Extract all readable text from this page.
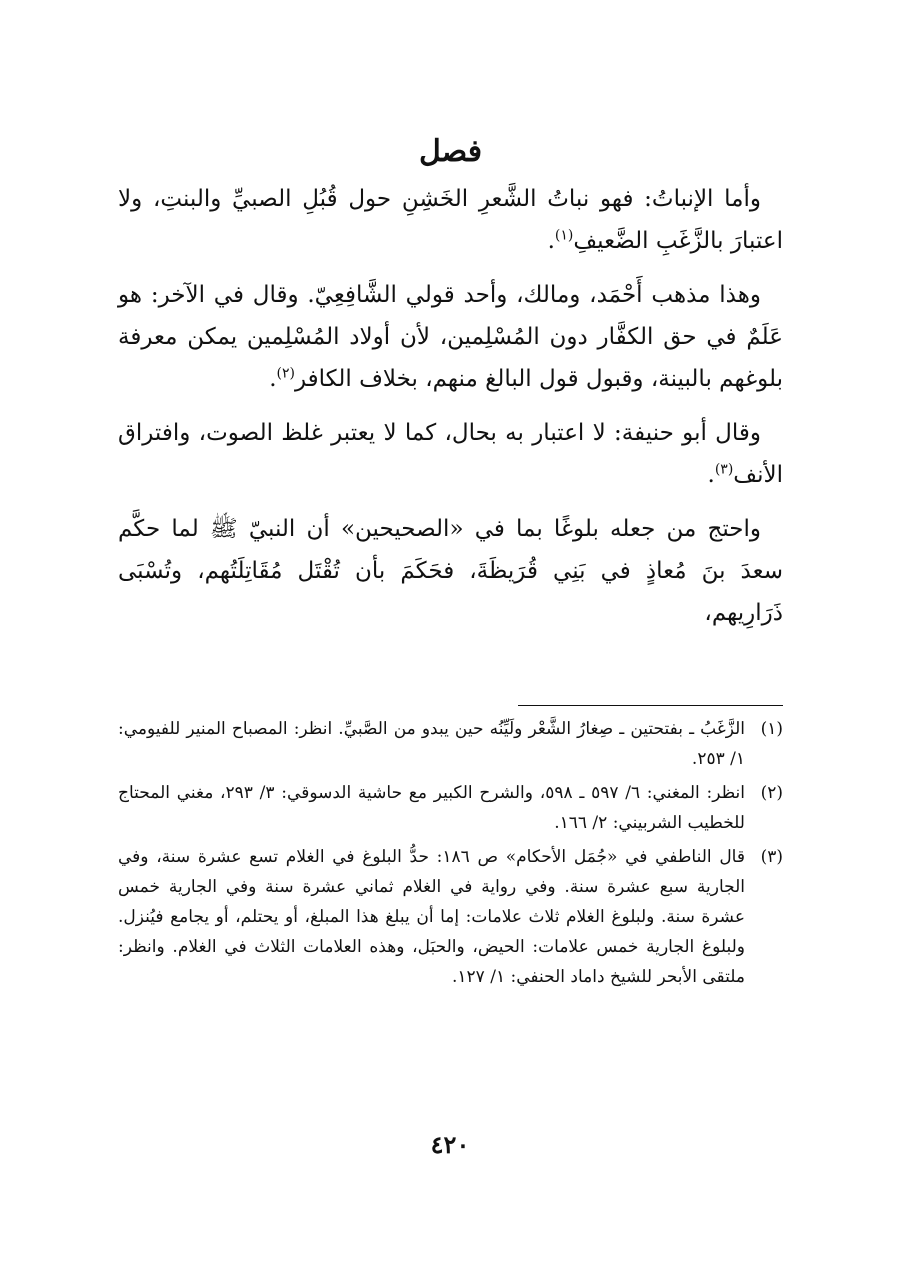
فصل

وأما الإنباتُ: فهو نباتُ الشَّعرِ الخَشِنِ حول قُبُلِ الصبيِّ والبنتِ، ولا اعتبارَ بالزَّغَبِ الضَّعيفِ$^{(١)}$.

وهذا مذهب أَحْمَد، ومالك، وأحد قولي الشَّافِعِيّ. وقال في الآخر: هو عَلَمٌ في حق الكفَّار دون المُسْلِمين، لأن أولاد المُسْلِمين يمكن معرفة بلوغهم بالبينة، وقبول قول البالغ منهم، بخلاف الكافر$^{(٢)}$.

وقال أبو حنيفة: لا اعتبار به بحال، كما لا يعتبر غلظ الصوت، وافتراق الأنف$^{(٣)}$.

واحتج من جعله بلوغًا بما في «الصحيحين» أن النبيّ ﷺ لما حكَّم سعدَ بنَ مُعاذٍ في بَنِي قُرَيظَةَ، فحَكَمَ بأن تُقْتَل مُقَاتِلَتُهم، وتُسْبَى ذَرَارِيهم،

(١)
الزَّغَبُ ـ بفتحتين ـ صِغارُ الشَّعْر ولَيِّنُه حين يبدو من الصَّبيِّ. انظر: المصباح المنير للفيومي: ١/ ٢٥٣.
(٢)
انظر: المغني: ٦/ ٥٩٧ ـ ٥٩٨، والشرح الكبير مع حاشية الدسوقي: ٣/ ٢٩٣، مغني المحتاج للخطيب الشربيني: ٢/ ١٦٦.
(٣)
قال الناطفي في «جُمَل الأحكام» ص ١٨٦: حدُّ البلوغ في الغلام تسع عشرة سنة، وفي الجارية سبع عشرة سنة. وفي رواية في الغلام ثماني عشرة سنة وفي الجارية خمس عشرة سنة. ولبلوغ الغلام ثلاث علامات: إما أن يبلغ هذا المبلغ، أو يحتلم، أو يجامع فيُنزل. ولبلوغ الجارية خمس علامات: الحيض، والحبَل، وهذه العلامات الثلاث في الغلام. وانظر: ملتقى الأبحر للشيخ داماد الحنفي: ١/ ١٢٧.
٤٢٠
